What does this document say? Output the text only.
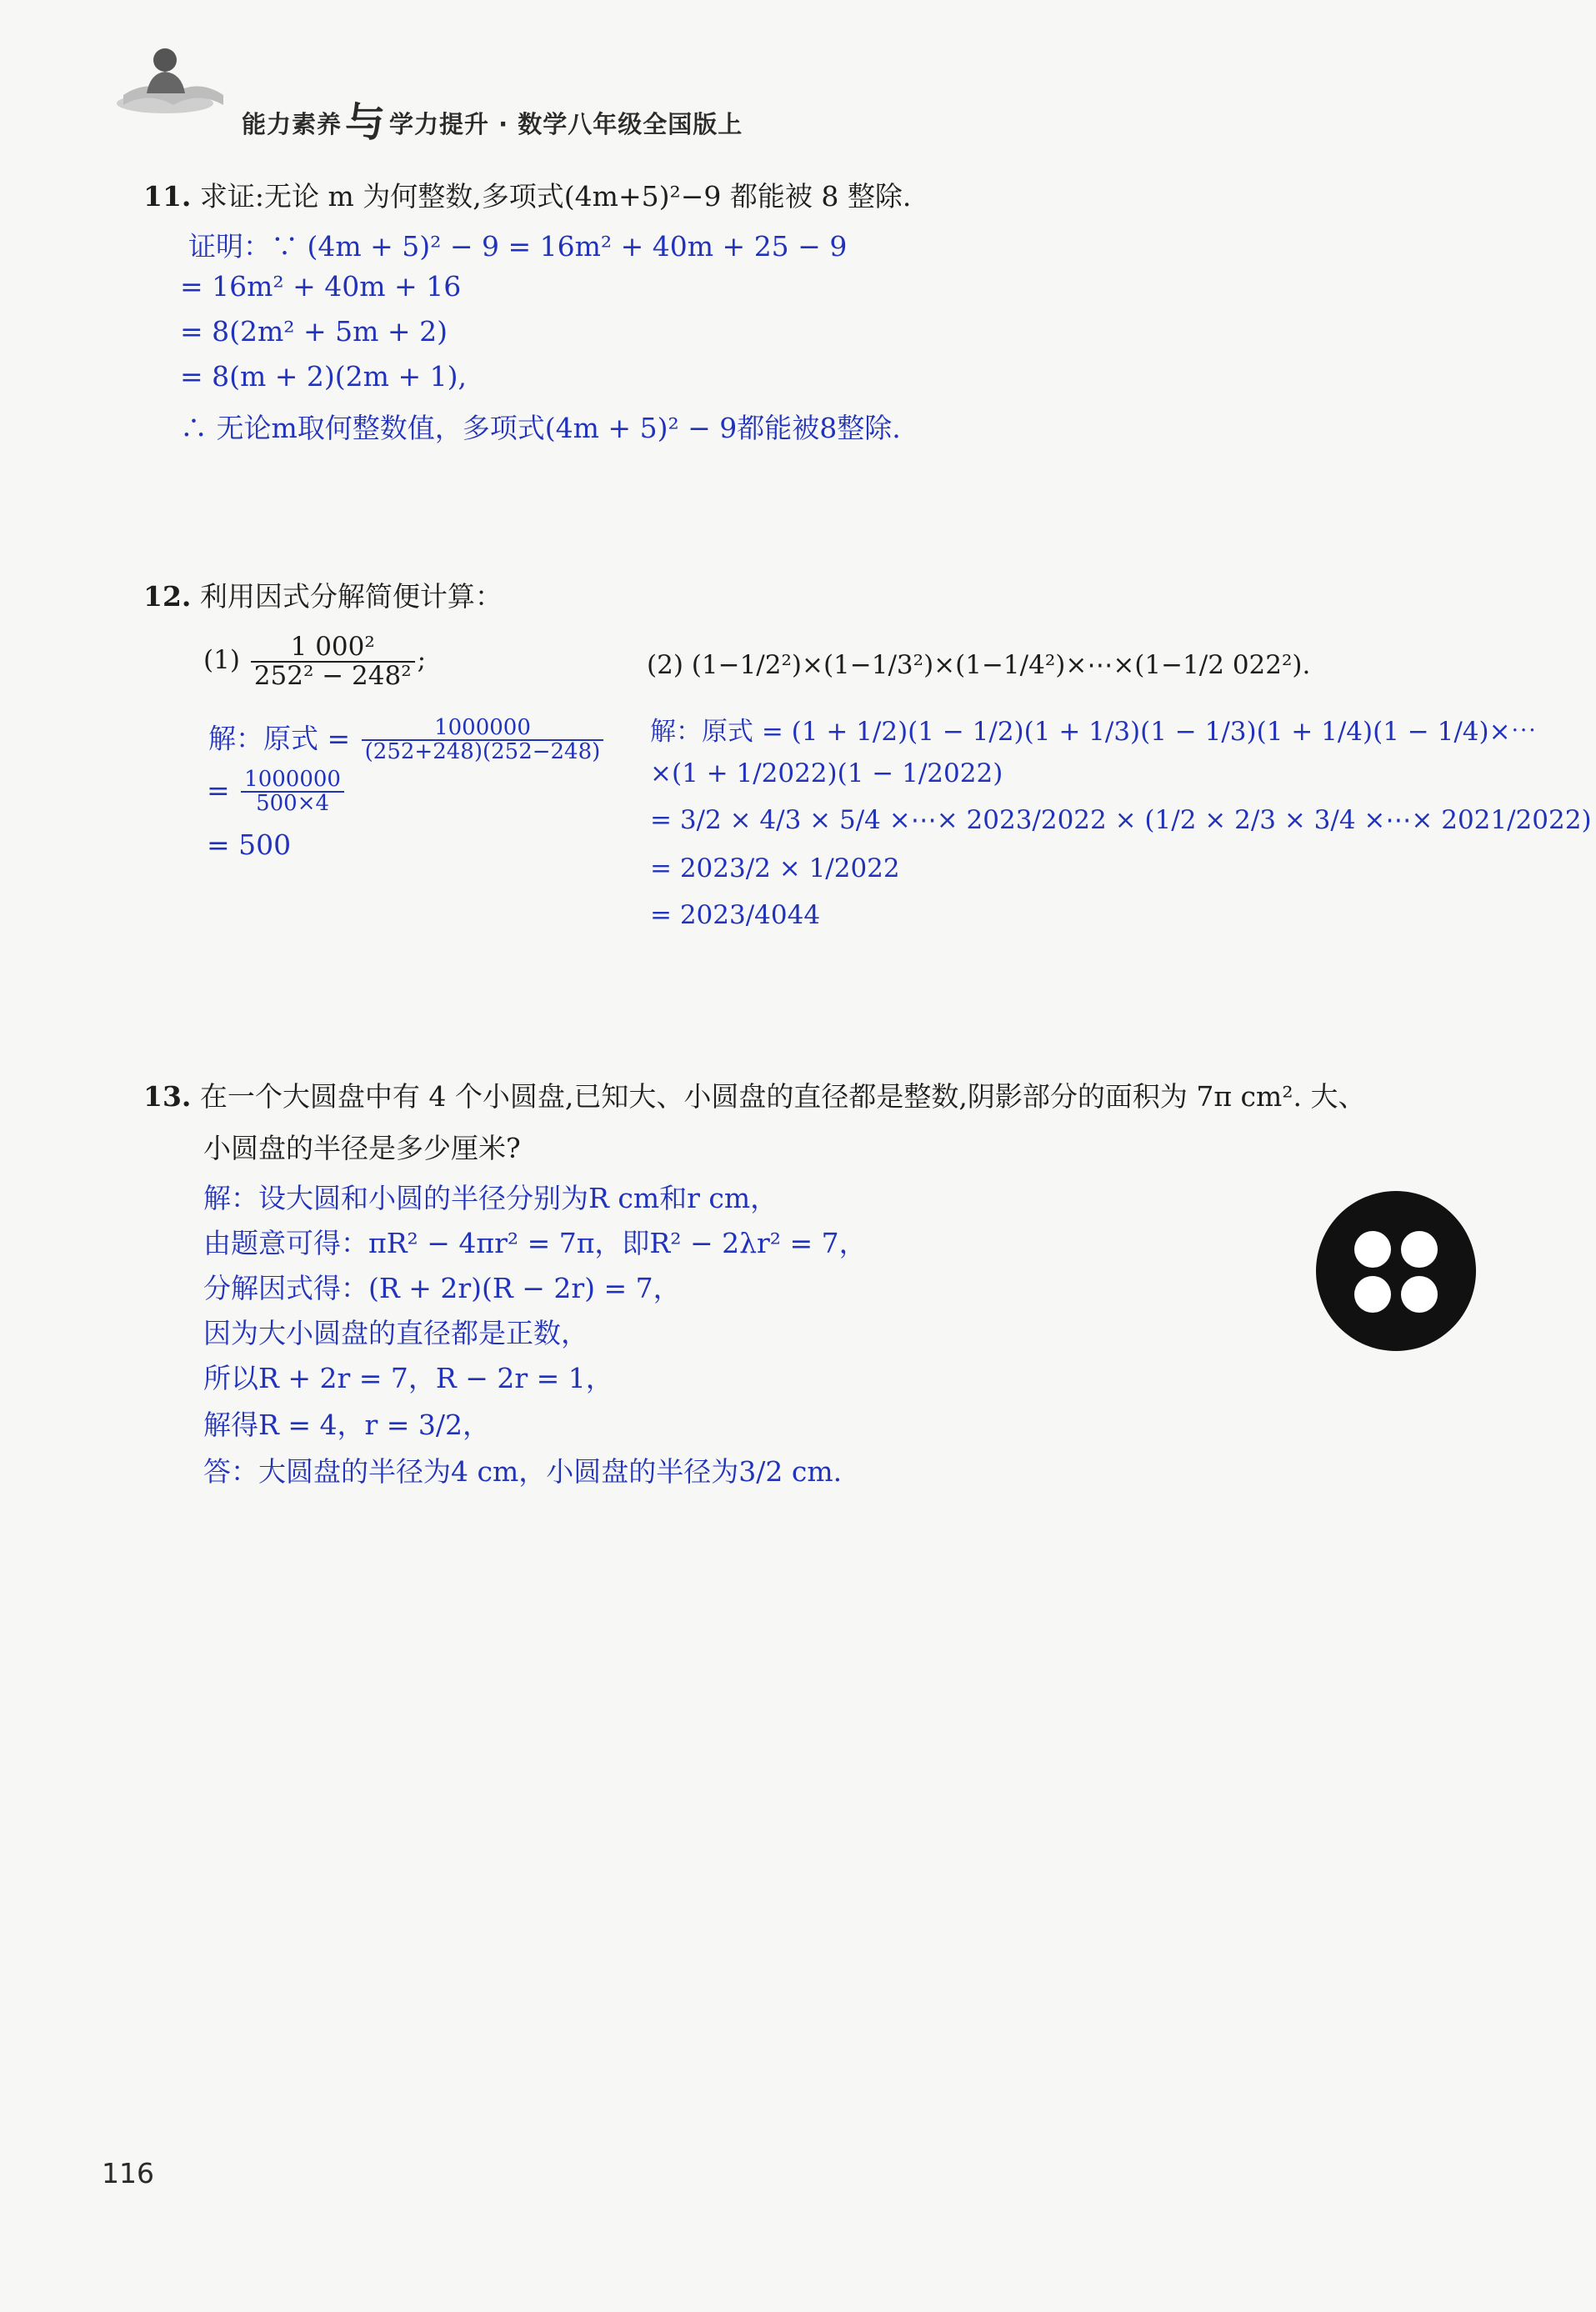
能力素养与 学力提升 · 数学八年级全国版上
11. 求证:无论 m 为何整数,多项式(4m+5)²−9 都能被 8 整除.
证明：∵ (4m + 5)² − 9 = 16m² + 40m + 25 − 9
= 16m² + 40m + 16
= 8(2m² + 5m + 2)
= 8(m + 2)(2m + 1),
∴ 无论m取何整数值，多项式(4m + 5)² − 9都能被8整除.
12. 利用因式分解简便计算：
$(1) \frac{\text{1 000²}}{\text{252² − 248²}}$ ;	(2) (1−1/2²)×(1−1/3²)×(1−1/4²)×⋯×(1−1/2 022²).
解：原式 = $\frac{1000000}{(252+248)(252-248)}$
= $\frac{1000000}{500\times 4}$
= 500
解：原式 = (1 + 1/2)(1 − 1/2)(1 + 1/3)(1 − 1/3)(1 + 1/4)(1 − 1/4)×⋯
×(1 + 1/2022)(1 − 1/2022)
= 3/2 × 4/3 × 5/4 ×⋯× 2023/2022 × (1/2 × 2/3 × 3/4 ×⋯× 2021/2022)
= 2023/2 × 1/2022
= 2023/4044
13. 在一个大圆盘中有 4 个小圆盘,已知大、小圆盘的直径都是整数,阴影部分的面积为 7π cm². 大、
小圆盘的半径是多少厘米?
解：设大圆和小圆的半径分别为R cm和r cm，
由题意可得：πR² − 4πr² = 7π，即R² − 2λr² = 7，
分解因式得：(R + 2r)(R − 2r) = 7，
因为大小圆盘的直径都是正数，
所以R + 2r = 7，R − 2r = 1，
解得R = 4，r = 3/2，
答：大圆盘的半径为4 cm，小圆盘的半径为3/2 cm.
116
